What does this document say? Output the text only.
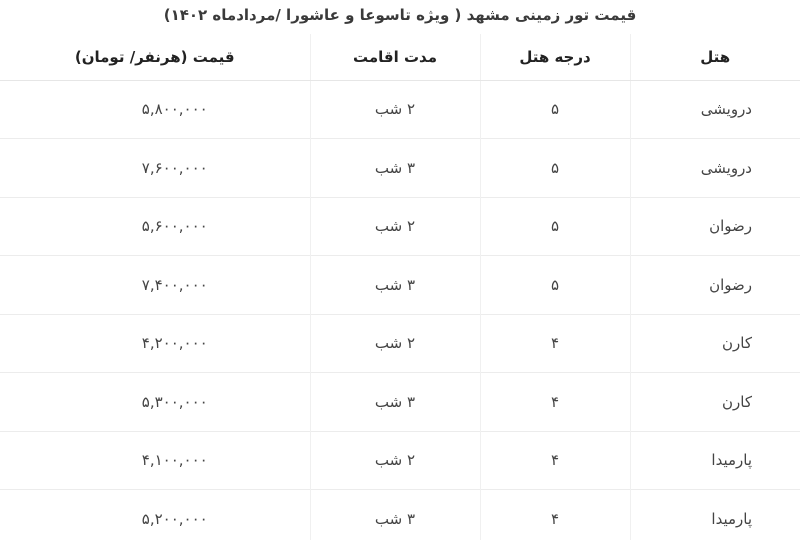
قیمت تور زمینی مشهد ( ویژه تاسوعا و عاشورا /مردادماه ۱۴۰۲)
هتل	درجه هتل	مدت اقامت	قیمت (هرنفر/ تومان)
درویشی	۵	۲ شب	۵,۸۰۰,۰۰۰
درویشی	۵	۳ شب	۷,۶۰۰,۰۰۰
رضوان	۵	۲ شب	۵,۶۰۰,۰۰۰
رضوان	۵	۳ شب	۷,۴۰۰,۰۰۰
کارن	۴	۲ شب	۴,۲۰۰,۰۰۰
کارن	۴	۳ شب	۵,۳۰۰,۰۰۰
پارمیدا	۴	۲ شب	۴,۱۰۰,۰۰۰
پارمیدا	۴	۳ شب	۵,۲۰۰,۰۰۰
